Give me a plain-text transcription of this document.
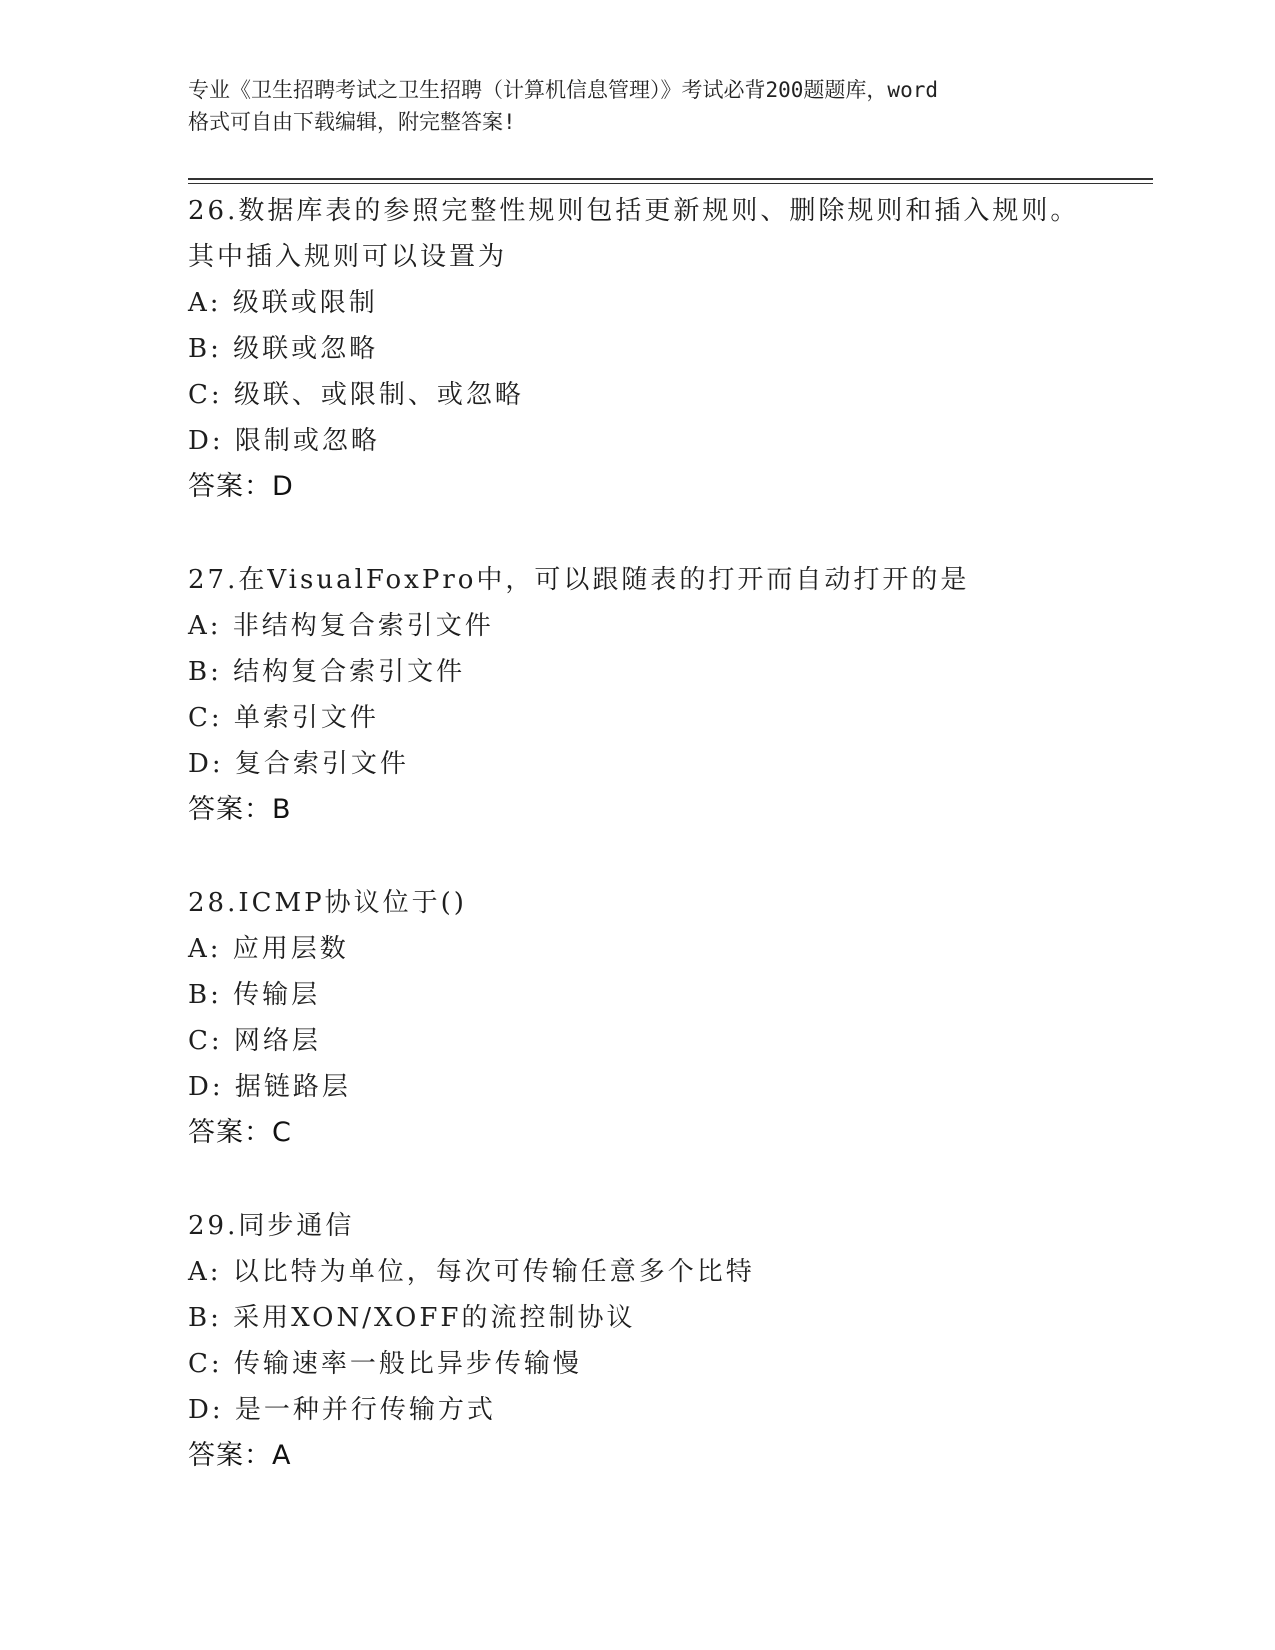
专业《卫生招聘考试之卫生招聘（计算机信息管理）》考试必背200题题库，word
格式可自由下载编辑，附完整答案!
26.数据库表的参照完整性规则包括更新规则、删除规则和插入规则。
其中插入规则可以设置为
A: 级联或限制
B: 级联或忽略
C: 级联、或限制、或忽略
D: 限制或忽略
答案：D
27.在VisualFoxPro中，可以跟随表的打开而自动打开的是
A: 非结构复合索引文件
B: 结构复合索引文件
C: 单索引文件
D: 复合索引文件
答案：B
28.ICMP协议位于()
A: 应用层数
B: 传输层
C: 网络层
D: 据链路层
答案：C
29.同步通信
A: 以比特为单位，每次可传输任意多个比特
B: 采用XON/XOFF的流控制协议
C: 传输速率一般比异步传输慢
D: 是一种并行传输方式
答案：A
